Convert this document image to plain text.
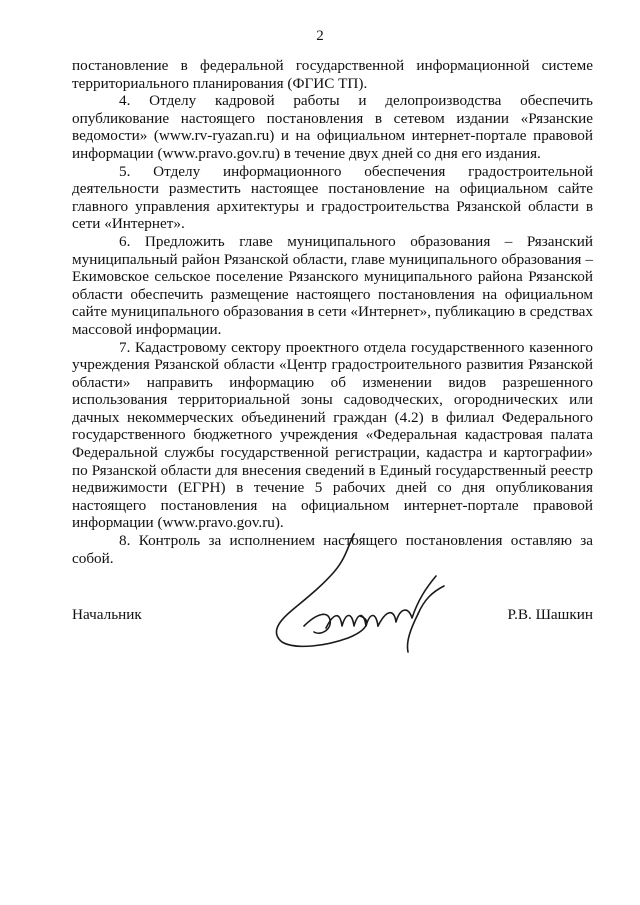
2

постановление в федеральной государственной информационной системе территориального планирования (ФГИС ТП).

4. Отделу кадровой работы и делопроизводства обеспечить опубликование настоящего постановления в сетевом издании «Рязанские ведомости» (www.rv-ryazan.ru) и на официальном интернет-портале правовой информации (www.pravo.gov.ru) в течение двух дней со дня его издания.

5. Отделу информационного обеспечения градостроительной деятельности разместить настоящее постановление на официальном сайте главного управления архитектуры и градостроительства Рязанской области в сети «Интернет».

6. Предложить главе муниципального образования – Рязанский муниципальный район Рязанской области, главе муниципального образования – Екимовское сельское поселение Рязанского муниципального района Рязанской области обеспечить размещение настоящего постановления на официальном сайте муниципального образования в сети «Интернет», публикацию в средствах массовой информации.

7. Кадастровому сектору проектного отдела государственного казенного учреждения Рязанской области «Центр градостроительного развития Рязанской области» направить информацию об изменении видов разрешенного использования территориальной зоны садоводческих, огороднических или дачных некоммерческих объединений граждан (4.2) в филиал Федерального государственного бюджетного учреждения «Федеральная кадастровая палата Федеральной службы государственной регистрации, кадастра и картографии» по Рязанской области для внесения сведений в Единый государственный реестр недвижимости (ЕГРН) в течение 5 рабочих дней со дня опубликования настоящего постановления на официальном интернет-портале правовой информации (www.pravo.gov.ru).

8. Контроль за исполнением настоящего постановления оставляю за собой.

Начальник	Р.В. Шашкин
